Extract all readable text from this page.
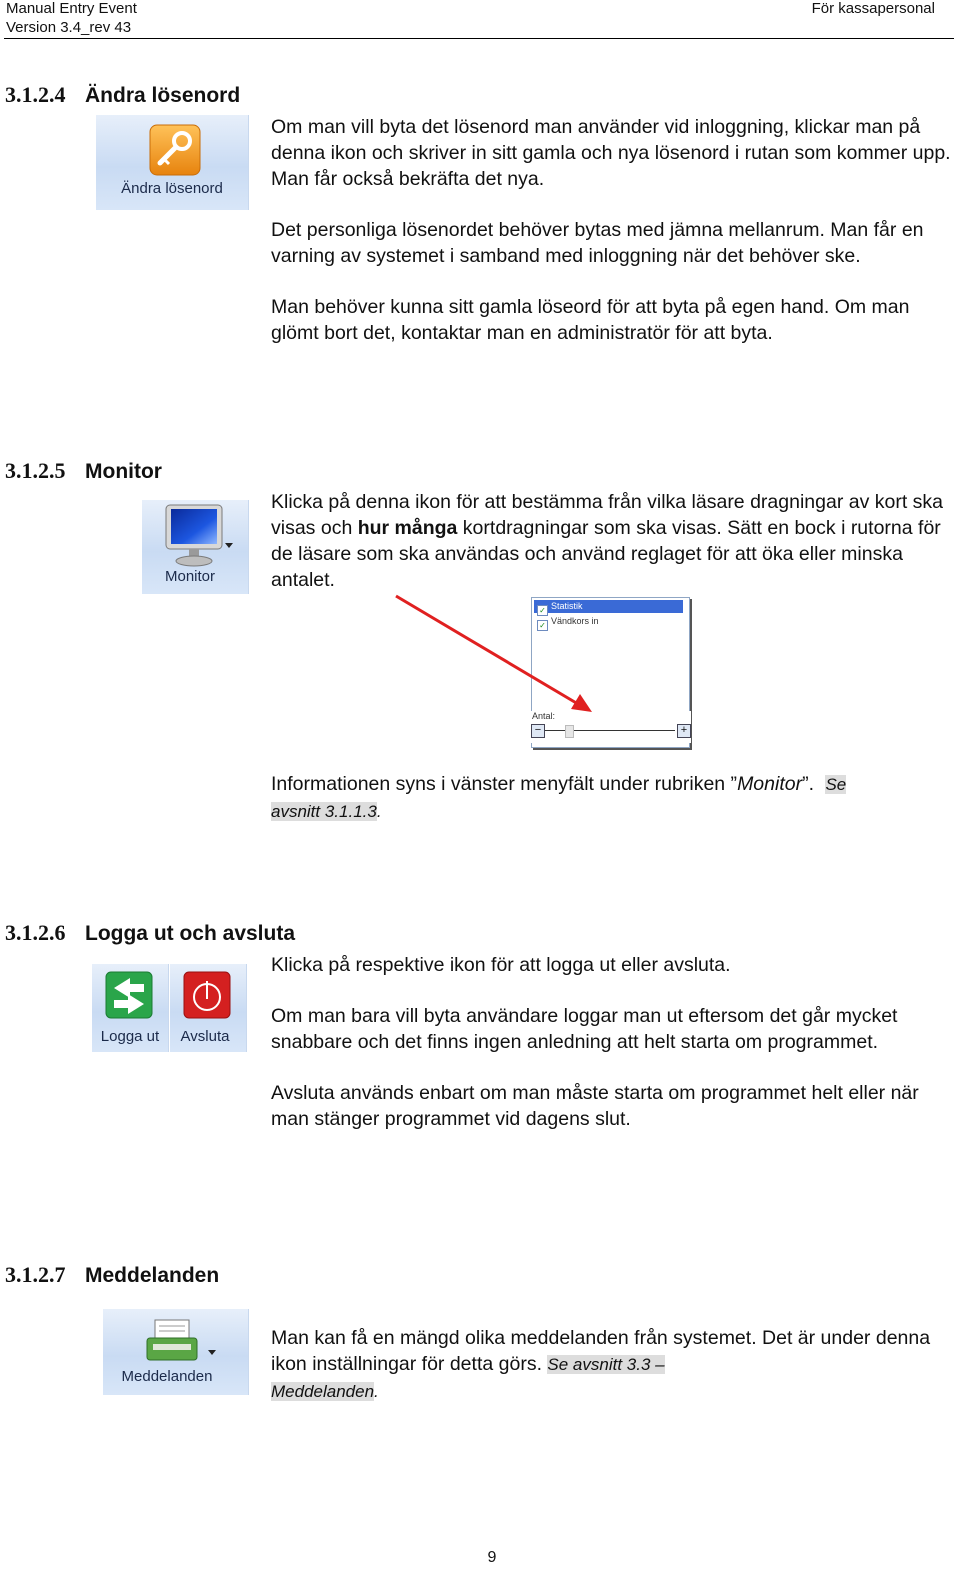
Manual Entry Event
Version 3.4_rev 43
För kassapersonal
3.1.2.4 Ändra lösenord
Ändra lösenord

Om man vill byta det lösenord man använder vid inloggning, klickar man på denna ikon och skriver in sitt gamla och nya lösenord i rutan som kommer upp. Man får också bekräfta det nya.

Det personliga lösenordet behöver bytas med jämna mellanrum. Man får en varning av systemet i samband med inloggning när det behöver ske.

Man behöver kunna sitt gamla löseord för att byta på egen hand. Om man glömt bort det, kontaktar man en administratör för att byta.

3.1.2.5 Monitor
Monitor

Klicka på denna ikon för att bestämma från vilka läsare dragningar av kort ska visas och hur många kortdragningar som ska visas. Sätt en bock i rutorna för de läsare som ska användas och använd reglaget för att öka eller minska antalet.

✓ $^{Statistik}$
✓ $^{Vändkors in}$
Antal:
−	+

Informationen syns i vänster menyfält under rubriken ”Monitor”. Se
avsnitt 3.1.1.3.

3.1.2.6 Logga ut och avsluta
Logga ut	Avsluta

Klicka på respektive ikon för att logga ut eller avsluta.

Om man bara vill byta användare loggar man ut eftersom det går mycket snabbare och det finns ingen anledning att helt starta om programmet.

Avsluta används enbart om man måste starta om programmet helt eller när man stänger programmet vid dagens slut.

3.1.2.7 Meddelanden
Meddelanden

Man kan få en mängd olika meddelanden från systemet. Det är under denna ikon inställningar för detta görs. Se avsnitt 3.3 –
Meddelanden.

9
